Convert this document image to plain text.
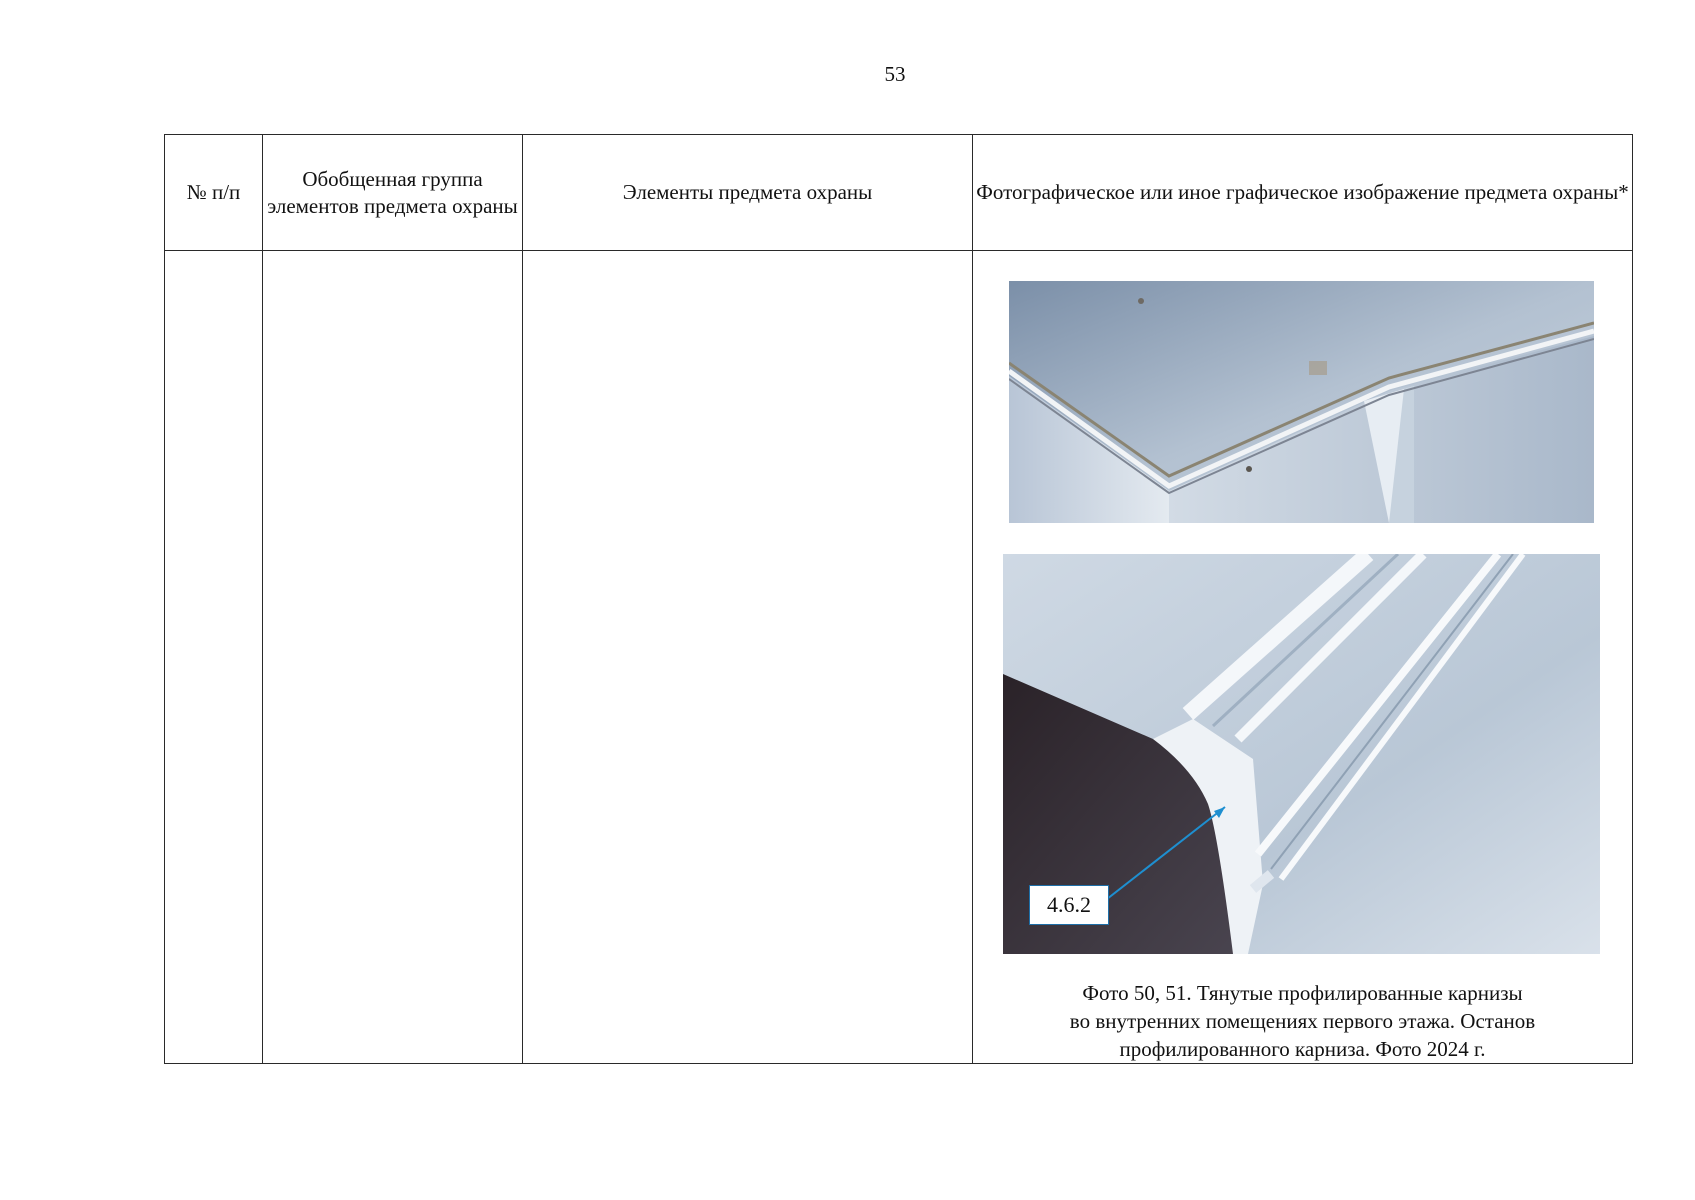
53
№ п/п	Обобщенная группа элементов предмета охраны	Элементы предмета охраны	Фотографическое или иное графическое изображение предмета охраны*

			Фото 50, 51. Тянутые профилированные карнизы
во внутренних помещениях первого этажа. Останов
профилированного карниза. Фото 2024 г.
4.6.2
